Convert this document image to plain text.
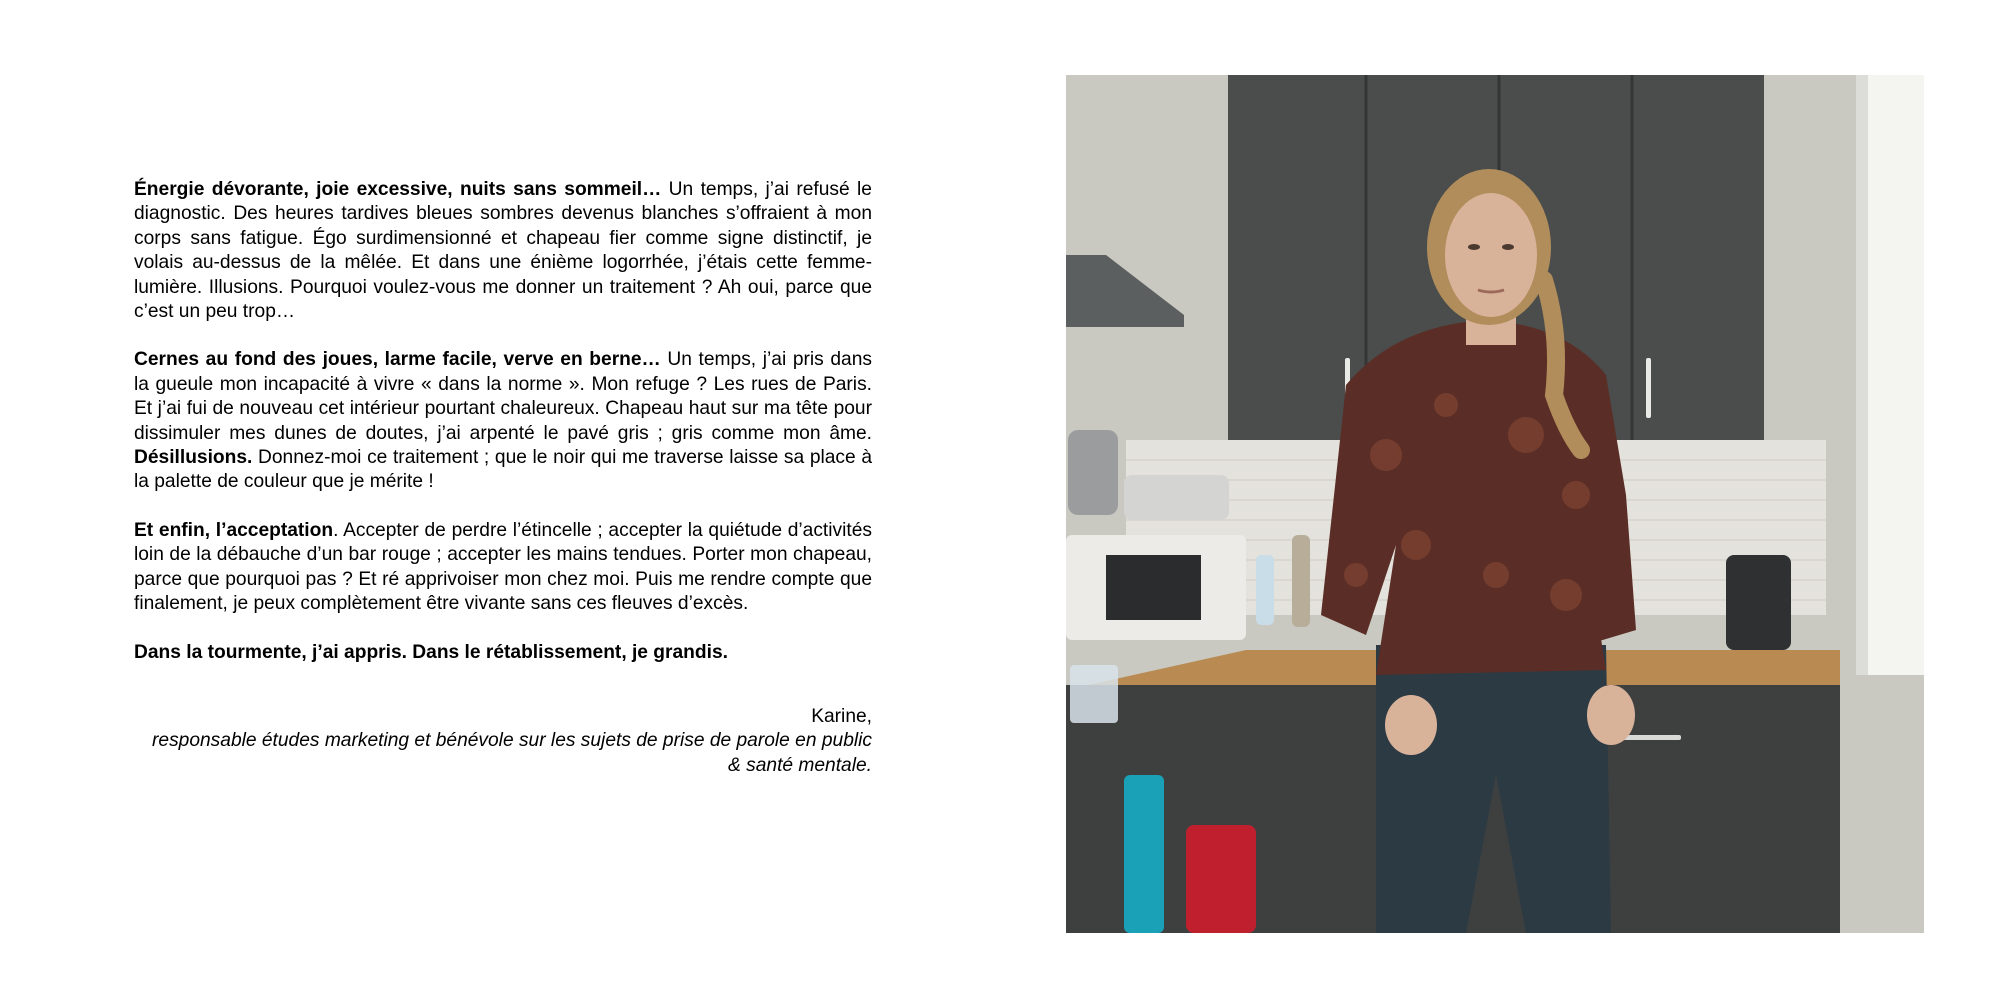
Énergie dévorante, joie excessive, nuits sans sommeil… Un temps, j’ai refusé le diagnostic. Des heures tardives bleues sombres devenus blanches s’offraient à mon corps sans fatigue. Égo surdimensionné et chapeau fier comme signe distinctif, je volais au-dessus de la mêlée. Et dans une énième logorrhée, j’étais cette femme-lumière. Illusions. Pourquoi voulez-vous me donner un traitement ? Ah oui, parce que c’est un peu trop…

Cernes au fond des joues, larme facile, verve en berne… Un temps, j’ai pris dans la gueule mon incapacité à vivre « dans la norme ». Mon refuge ? Les rues de Paris. Et j’ai fui de nouveau cet intérieur pourtant chaleureux. Chapeau haut sur ma tête pour dissimuler mes dunes de doutes, j’ai arpenté le pavé gris ; gris comme mon âme. Désillusions. Donnez-moi ce traitement ; que le noir qui me traverse laisse sa place à la palette de couleur que je mérite !

Et enfin, l’acceptation. Accepter de perdre l’étincelle ; accepter la quiétude d’activités loin de la débauche d’un bar rouge ; accepter les mains tendues. Porter mon chapeau, parce que pourquoi pas ? Et ré apprivoiser mon chez moi. Puis me rendre compte que finalement, je peux complètement être vivante sans ces fleuves d’excès.

Dans la tourmente, j’ai appris. Dans le rétablissement, je grandis.

Karine,
responsable études marketing et bénévole sur les sujets de prise de parole en public & santé mentale.
